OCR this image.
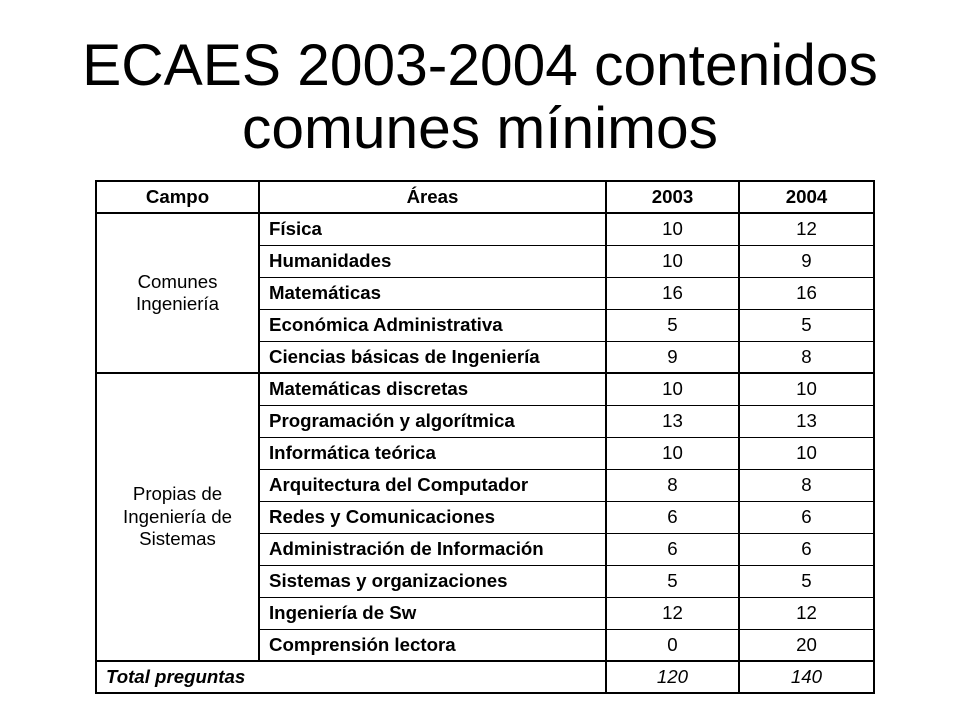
ECAES 2003-2004 contenidos comunes mínimos
Campo	Áreas	2003	2004
Comunes Ingeniería	Física	10	12
	Humanidades	10	9
	Matemáticas	16	16
	Económica Administrativa	5	5
	Ciencias básicas de Ingeniería	9	8
Propias de Ingeniería de Sistemas	Matemáticas discretas	10	10
	Programación y algorítmica	13	13
	Informática teórica	10	10
	Arquitectura del Computador	8	8
	Redes y Comunicaciones	6	6
	Administración de Información	6	6
	Sistemas y organizaciones	5	5
	Ingeniería de Sw	12	12
	Comprensión lectora	0	20
Total preguntas		120	140
